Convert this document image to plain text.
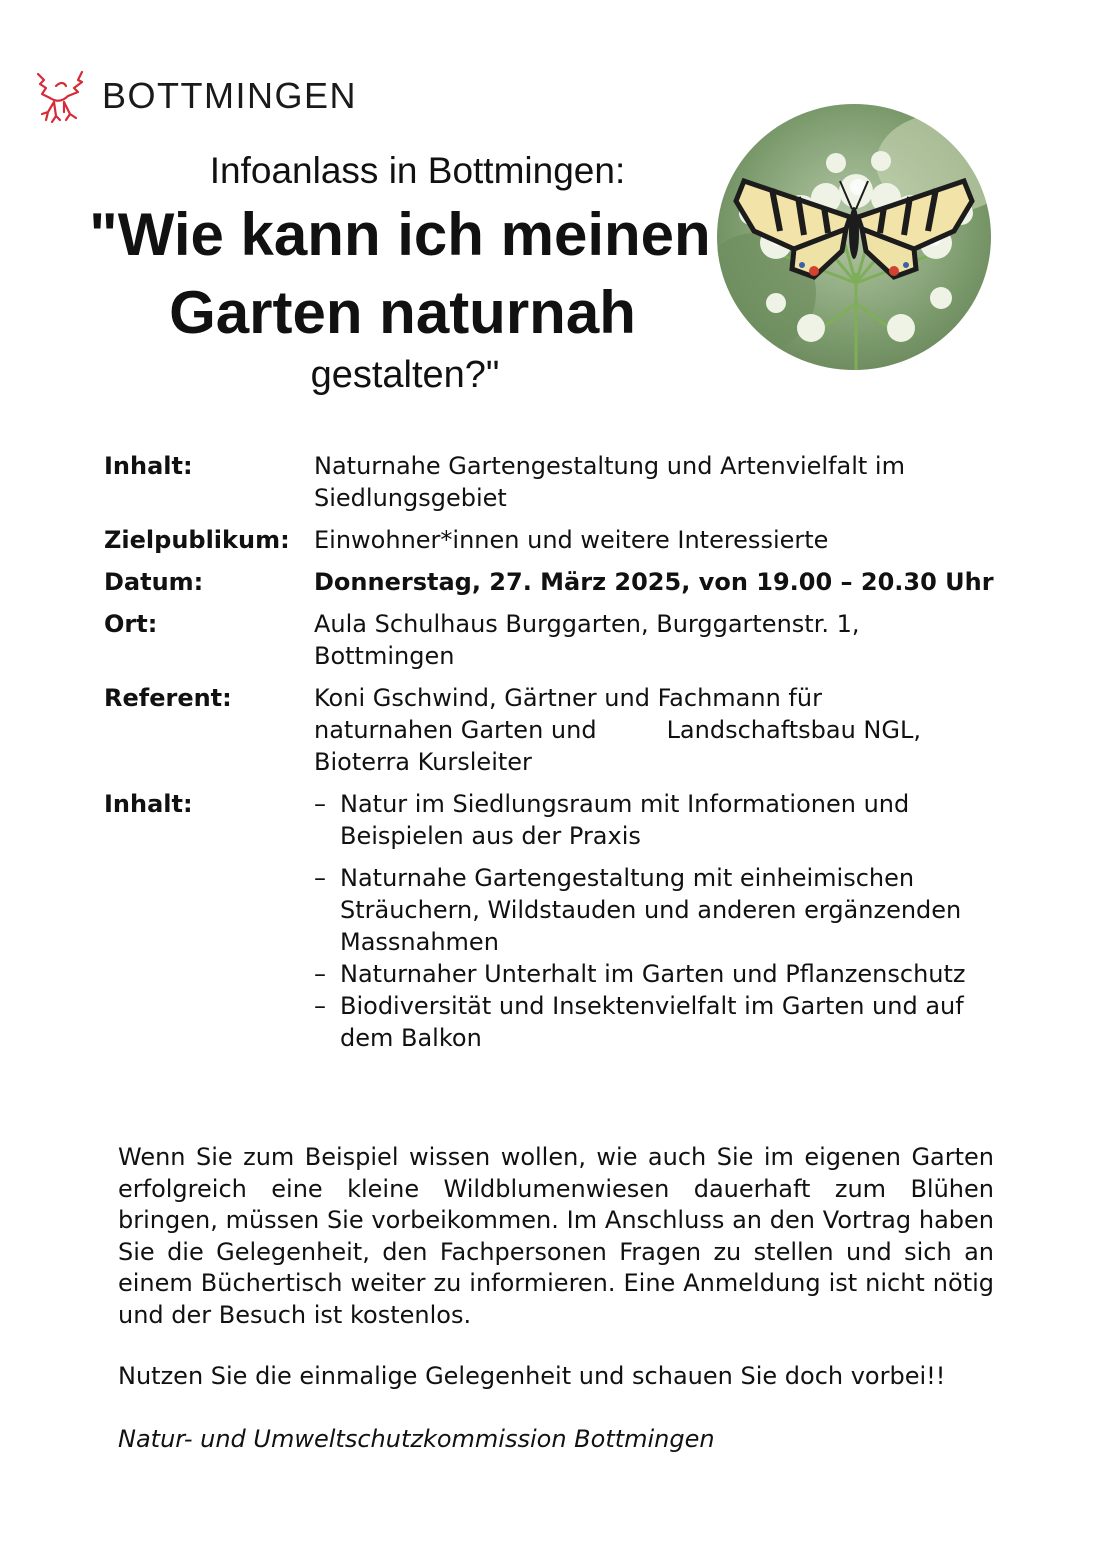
BOTTMINGEN
Infoanlass in Bottmingen:
"Wie kann ich meinen
Garten naturnah
gestalten?"
Inhalt:	Naturnahe Gartengestaltung und Artenvielfalt im Siedlungsgebiet
Zielpublikum:	Einwohner*innen und weitere Interessierte
Datum:	Donnerstag, 27. März 2025, von 19.00 – 20.30 Uhr
Ort:	Aula Schulhaus Burggarten, Burggartenstr. 1, Bottmingen
Referent:	Koni Gschwind, Gärtner und Fachmann für
naturnahen Garten und	Landschaftsbau NGL,
Bioterra Kursleiter
Inhalt:
–	Natur im Siedlungsraum mit Informationen und Beispielen aus der Praxis
– Naturnahe Gartengestaltung mit einheimischen Sträuchern, Wildstauden und anderen ergänzenden Massnahmen
– Naturnaher Unterhalt im Garten und Pflanzenschutz
– Biodiversität und Insektenvielfalt im Garten und auf dem Balkon
Wenn Sie zum Beispiel wissen wollen, wie auch Sie im eigenen Garten erfolgreich eine kleine Wildblumenwiesen dauerhaft zum Blühen bringen, müssen Sie vorbeikommen. Im Anschluss an den Vortrag haben Sie die Gelegenheit, den Fachpersonen Fragen zu stellen und sich an einem Büchertisch weiter zu informieren. Eine Anmeldung ist nicht nötig und der Besuch ist kostenlos.
Nutzen Sie die einmalige Gelegenheit und schauen Sie doch vorbei!!
Natur- und Umweltschutzkommission Bottmingen
